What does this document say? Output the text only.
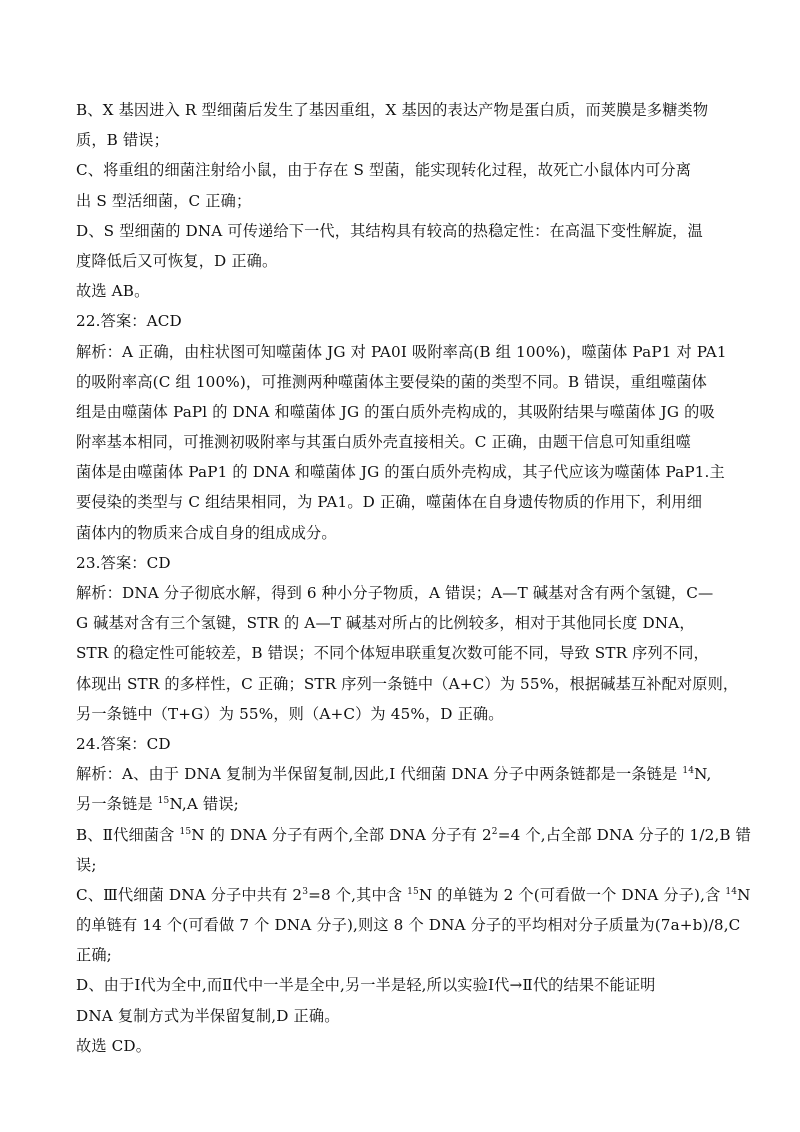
B、X 基因进入 R 型细菌后发生了基因重组，X 基因的表达产物是蛋白质，而荚膜是多糖类物
质，B 错误；
C、将重组的细菌注射给小鼠，由于存在 S 型菌，能实现转化过程，故死亡小鼠体内可分离
出 S 型活细菌，C 正确；
D、S 型细菌的 DNA 可传递给下一代，其结构具有较高的热稳定性：在高温下变性解旋，温
度降低后又可恢复，D 正确。
故选 AB。
22.答案：ACD
解析：A 正确，由柱状图可知噬菌体 JG 对 PA0I 吸附率高(B 组 100%)，噬菌体 PaP1 对 PA1
的吸附率高(C 组 100%)，可推测两种噬菌体主要侵染的菌的类型不同。B 错误，重组噬菌体
组是由噬菌体 PaPl 的 DNA 和噬菌体 JG 的蛋白质外壳构成的，其吸附结果与噬菌体 JG 的吸
附率基本相同，可推测初吸附率与其蛋白质外壳直接相关。C 正确，由题干信息可知重组噬
菌体是由噬菌体 PaP1 的 DNA 和噬菌体 JG 的蛋白质外壳构成，其子代应该为噬菌体 PaP1.主
要侵染的类型与 C 组结果相同，为 PA1。D 正确，噬菌体在自身遗传物质的作用下，利用细
菌体内的物质来合成自身的组成成分。
23.答案：CD
解析：DNA 分子彻底水解，得到 6 种小分子物质，A 错误；A—T 碱基对含有两个氢键，C—
G 碱基对含有三个氢键，STR 的 A—T 碱基对所占的比例较多，相对于其他同长度 DNA，
STR 的稳定性可能较差，B 错误；不同个体短串联重复次数可能不同，导致 STR 序列不同，
体现出 STR 的多样性，C 正确；STR 序列一条链中（A+C）为 55%，根据碱基互补配对原则，
另一条链中（T+G）为 55%，则（A+C）为 45%，D 正确。
24.答案：CD
解析：A、由于 DNA 复制为半保留复制,因此,I 代细菌 DNA 分子中两条链都是一条链是 $^{14}$N,
另一条链是 $^{15}$N,A 错误;
B、Ⅱ代细菌含 $^{15}$N 的 DNA 分子有两个,全部 DNA 分子有 $2^2=4$ 个,占全部 DNA 分子的 1/2,B 错
误;
C、Ⅲ代细菌 DNA 分子中共有 $2^3=8$ 个,其中含 $^{15}$N 的单链为 2 个(可看做一个 DNA 分子),含 $^{14}$N
的单链有 14 个(可看做 7 个 DNA 分子),则这 8 个 DNA 分子的平均相对分子质量为(7a+b)/8,C
正确;
D、由于Ⅰ代为全中,而Ⅱ代中一半是全中,另一半是轻,所以实验Ⅰ代→Ⅱ代的结果不能证明
DNA 复制方式为半保留复制,D 正确。
故选 CD。
